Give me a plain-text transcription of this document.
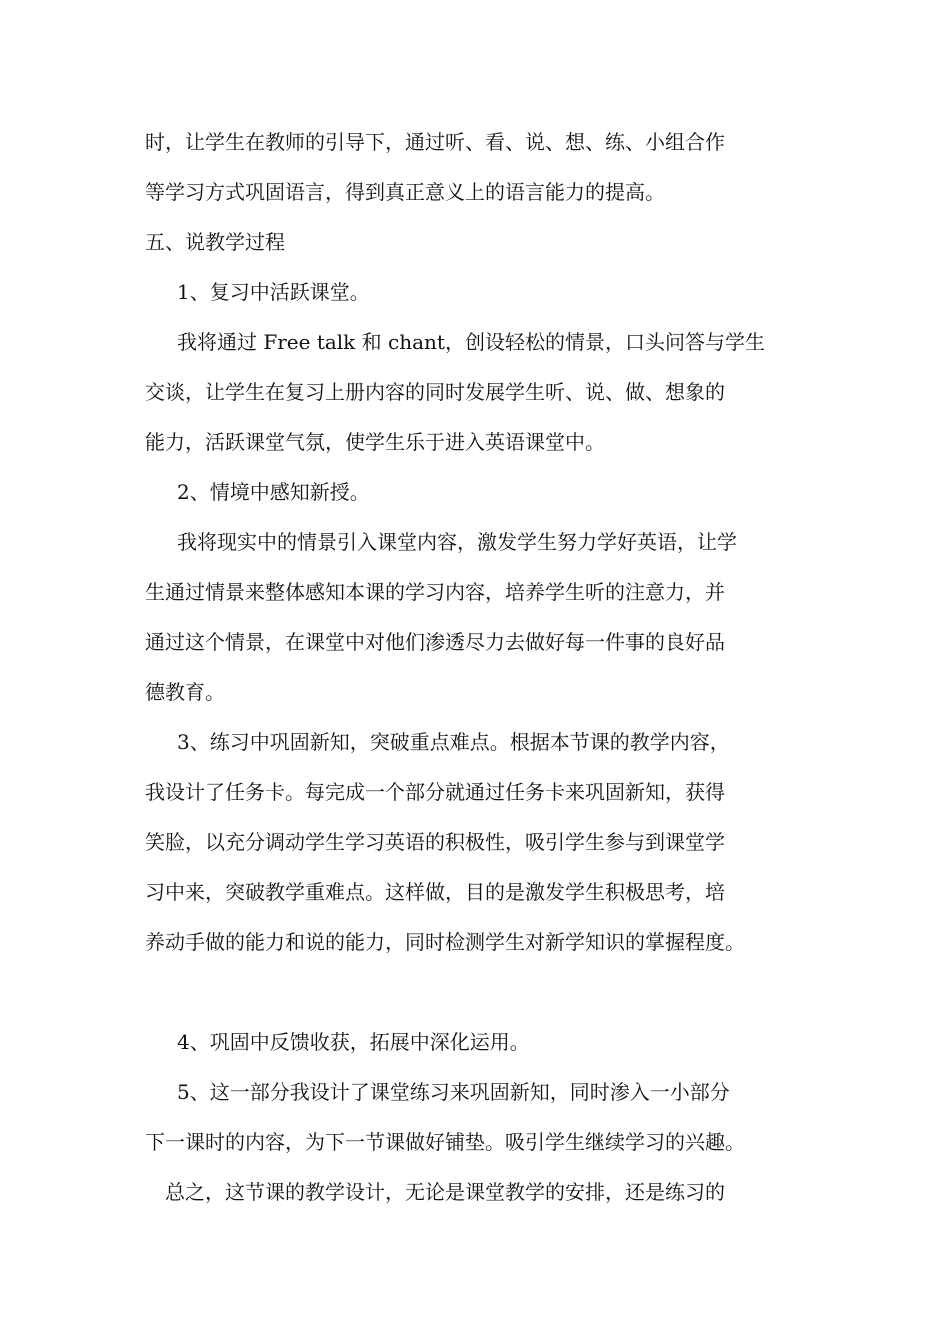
时，让学生在教师的引导下，通过听、看、说、想、练、小组合作

等学习方式巩固语言，得到真正意义上的语言能力的提高。

五、说教学过程

1、复习中活跃课堂。

我将通过 Free talk 和 chant，创设轻松的情景，口头问答与学生

交谈，让学生在复习上册内容的同时发展学生听、说、做、想象的

能力，活跃课堂气氛，使学生乐于进入英语课堂中。

2、情境中感知新授。

我将现实中的情景引入课堂内容，激发学生努力学好英语，让学

生通过情景来整体感知本课的学习内容，培养学生听的注意力，并

通过这个情景，在课堂中对他们渗透尽力去做好每一件事的良好品

德教育。

3、练习中巩固新知，突破重点难点。根据本节课的教学内容，

我设计了任务卡。每完成一个部分就通过任务卡来巩固新知，获得

笑脸，以充分调动学生学习英语的积极性，吸引学生参与到课堂学

习中来，突破教学重难点。这样做，目的是激发学生积极思考，培

养动手做的能力和说的能力，同时检测学生对新学知识的掌握程度。

4、巩固中反馈收获，拓展中深化运用。

5、这一部分我设计了课堂练习来巩固新知，同时渗入一小部分

下一课时的内容，为下一节课做好铺垫。吸引学生继续学习的兴趣。

总之，这节课的教学设计，无论是课堂教学的安排，还是练习的
